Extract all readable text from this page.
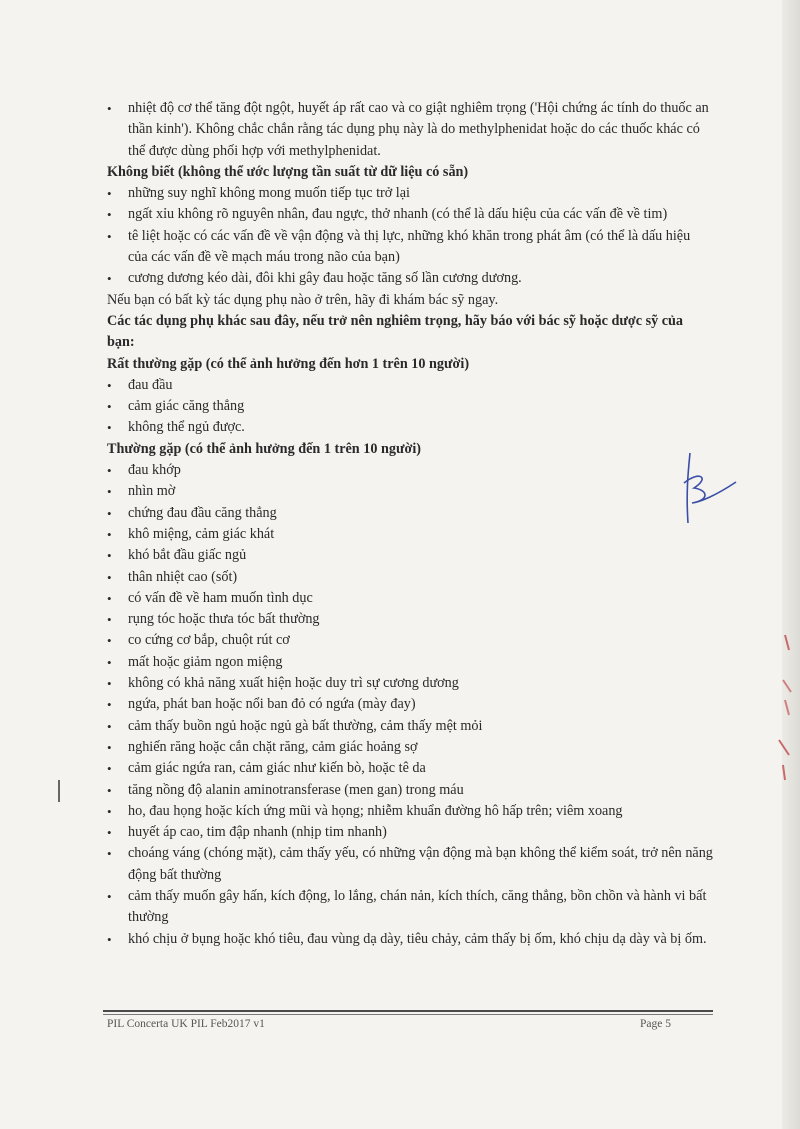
• nhiệt độ cơ thể tăng đột ngột, huyết áp rất cao và co giật nghiêm trọng ('Hội chứng ác tính do thuốc an thần kinh'). Không chắc chắn rằng tác dụng phụ này là do methylphenidat hoặc do các thuốc khác có thể được dùng phối hợp với methylphenidat.

Không biết (không thể ước lượng tần suất từ dữ liệu có sẵn)

• những suy nghĩ không mong muốn tiếp tục trở lại
• ngất xỉu không rõ nguyên nhân, đau ngực, thở nhanh (có thể là dấu hiệu của các vấn đề về tim)
• tê liệt hoặc có các vấn đề về vận động và thị lực, những khó khăn trong phát âm (có thể là dấu hiệu của các vấn đề về mạch máu trong não của bạn)
• cương dương kéo dài, đôi khi gây đau hoặc tăng số lần cương dương.

Nếu bạn có bất kỳ tác dụng phụ nào ở trên, hãy đi khám bác sỹ ngay.

Các tác dụng phụ khác sau đây, nếu trở nên nghiêm trọng, hãy báo với bác sỹ hoặc dược sỹ của bạn:

Rất thường gặp (có thể ảnh hưởng đến hơn 1 trên 10 người)

• đau đầu
• cảm giác căng thẳng
• không thể ngủ được.

Thường gặp (có thể ảnh hưởng đến 1 trên 10 người)

• đau khớp
• nhìn mờ
• chứng đau đầu căng thẳng
• khô miệng, cảm giác khát
• khó bắt đầu giấc ngủ
• thân nhiệt cao (sốt)
• có vấn đề về ham muốn tình dục
• rụng tóc hoặc thưa tóc bất thường
• co cứng cơ bắp, chuột rút cơ
• mất hoặc giảm ngon miệng
• không có khả năng xuất hiện hoặc duy trì sự cương dương
• ngứa, phát ban hoặc nổi ban đỏ có ngứa (mày đay)
• cảm thấy buồn ngủ hoặc ngủ gà bất thường, cảm thấy mệt mỏi
• nghiến răng hoặc cắn chặt răng, cảm giác hoảng sợ
• cảm giác ngứa ran, cảm giác như kiến bò, hoặc tê da
• tăng nồng độ alanin aminotransferase (men gan) trong máu
• ho, đau họng hoặc kích ứng mũi và họng; nhiễm khuẩn đường hô hấp trên; viêm xoang
• huyết áp cao, tim đập nhanh (nhịp tim nhanh)
• choáng váng (chóng mặt), cảm thấy yếu, có những vận động mà bạn không thể kiểm soát, trở nên năng động bất thường
• cảm thấy muốn gây hấn, kích động, lo lắng, chán nản, kích thích, căng thẳng, bồn chồn và hành vi bất thường
• khó chịu ở bụng hoặc khó tiêu, đau vùng dạ dày, tiêu chảy, cảm thấy bị ốm, khó chịu dạ dày và bị ốm.
PIL Concerta UK PIL Feb2017 v1	Page 5
